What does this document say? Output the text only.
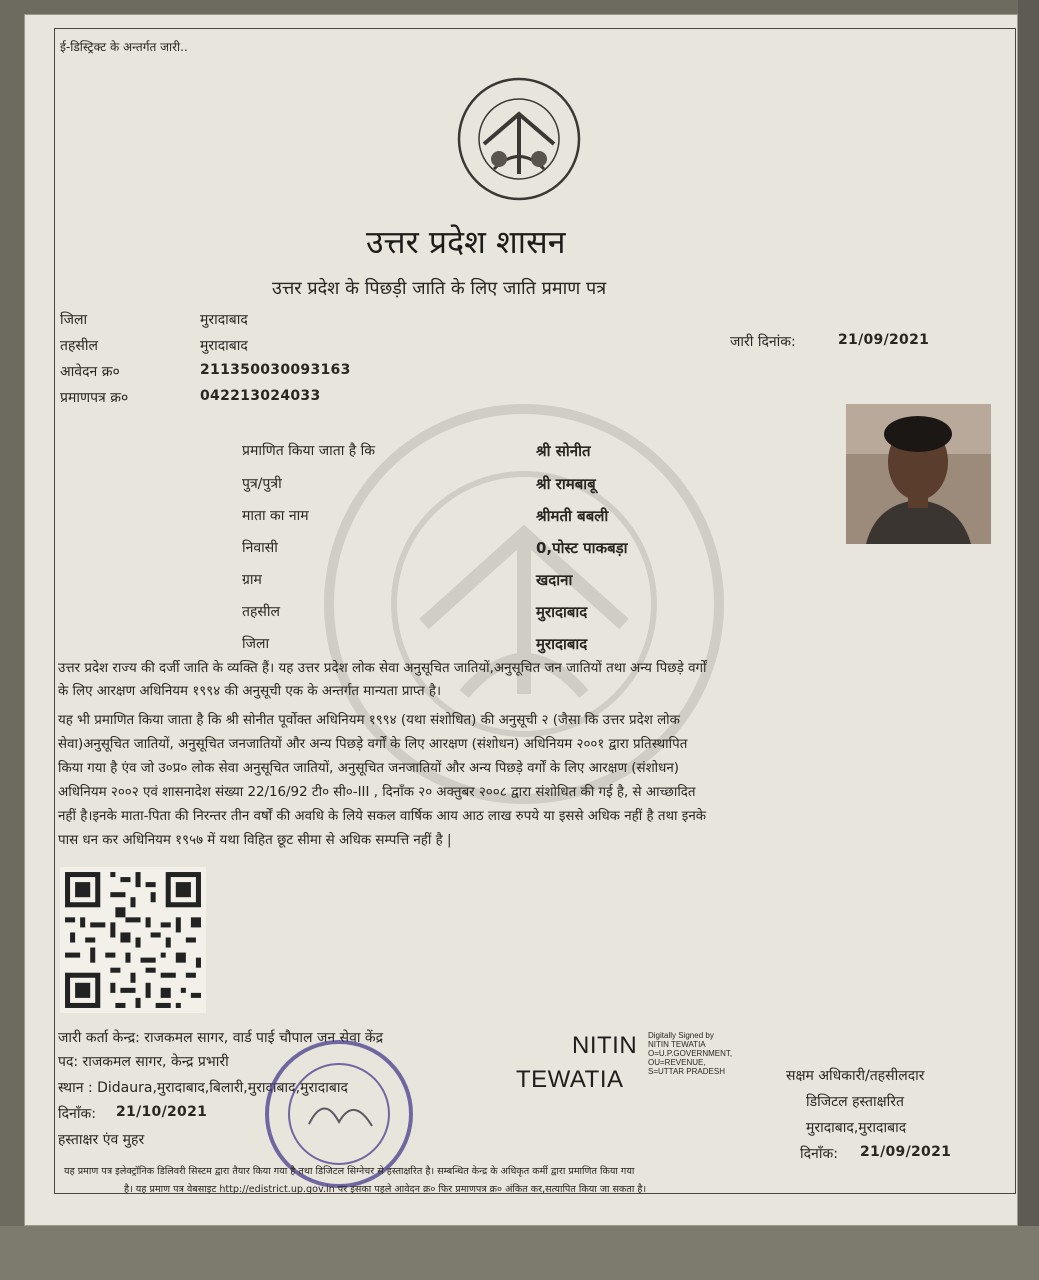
ई-डिस्ट्रिक्ट के अन्तर्गत जारी..
उत्तर प्रदेश शासन
उत्तर प्रदेश के पिछड़ी जाति के लिए जाति प्रमाण पत्र
जिला	मुरादाबाद
तहसील	मुरादाबाद
आवेदन क्र०	211350030093163
प्रमाणपत्र क्र०	042213024033
जारी दिनांक:	21/09/2021
प्रमाणित किया जाता है कि	श्री सोनीत
पुत्र/पुत्री	श्री रामबाबू
माता का नाम	श्रीमती बबली
निवासी	0,पोस्ट पाकबड़ा
ग्राम	खदाना
तहसील	मुरादाबाद
जिला	मुरादाबाद
उत्तर प्रदेश राज्य की दर्जी जाति के व्यक्ति हैं। यह उत्तर प्रदेश लोक सेवा अनुसूचित जातियों,अनुसूचित जन जातियों तथा अन्य पिछड़े वर्गों
के लिए आरक्षण अधिनियम १९९४ की अनुसूची एक के अन्तर्गत मान्यता प्राप्त है।
यह भी प्रमाणित किया जाता है कि श्री सोनीत पूर्वोक्त अधिनियम १९९४ (यथा संशोधित) की अनुसूची २ (जैसा कि उत्तर प्रदेश लोक
सेवा)अनुसूचित जातियों, अनुसूचित जनजातियों और अन्य पिछड़े वर्गों के लिए आरक्षण (संशोधन) अधिनियम २००१ द्वारा प्रतिस्थापित
किया गया है एंव जो उ०प्र० लोक सेवा अनुसूचित जातियों, अनुसूचित जनजातियों और अन्य पिछड़े वर्गों के लिए आरक्षण (संशोधन)
अधिनियम २००२ एवं शासनादेश संख्या 22/16/92 टी० सी०-III , दिनाँक २० अक्तुबर २००८ द्वारा संशोधित की गई है, से आच्छादित
नहीं है।इनके माता-पिता की निरन्तर तीन वर्षों की अवधि के लिये सकल वार्षिक आय आठ लाख रुपये या इससे अधिक नहीं है तथा इनके
पास धन कर अधिनियम १९५७ में यथा विहित छूट सीमा से अधिक सम्पत्ति नहीं है |
जारी कर्ता केन्द्र: राजकमल सागर, वार्ड पाई चौपाल जन सेवा केंद्र
पद: राजकमल सागर, केन्द्र प्रभारी
स्थान : Didaura,मुरादाबाद,बिलारी,मुरादाबाद,मुरादाबाद
दिनाँक: 21/10/2021
हस्ताक्षर एंव मुहर
NITIN
TEWATIA
Digitally Signed by
NITIN TEWATIA
O=U.P.GOVERNMENT,
OU=REVENUE,
S=UTTAR PRADESH	सक्षम अधिकारी/तहसीलदार
डिजिटल हस्ताक्षरित
मुरादाबाद,मुरादाबाद
दिनाँक: 21/09/2021
यह प्रमाण पत्र इलेक्ट्रॉनिक डिलिवरी सिस्टम द्वारा तैयार किया गया है तथा डिजिटल सिग्नेचर से हस्ताक्षरित है। सम्बन्धित केन्द्र के अधिकृत कर्मी द्वारा प्रमाणित किया गया
है। यह प्रमाण पत्र वेबसाइट http://edistrict.up.gov.in पर इसका पहले आवेदन क्र० फिर प्रमाणपत्र क्र० अंकित कर,सत्यापित किया जा सकता है।
